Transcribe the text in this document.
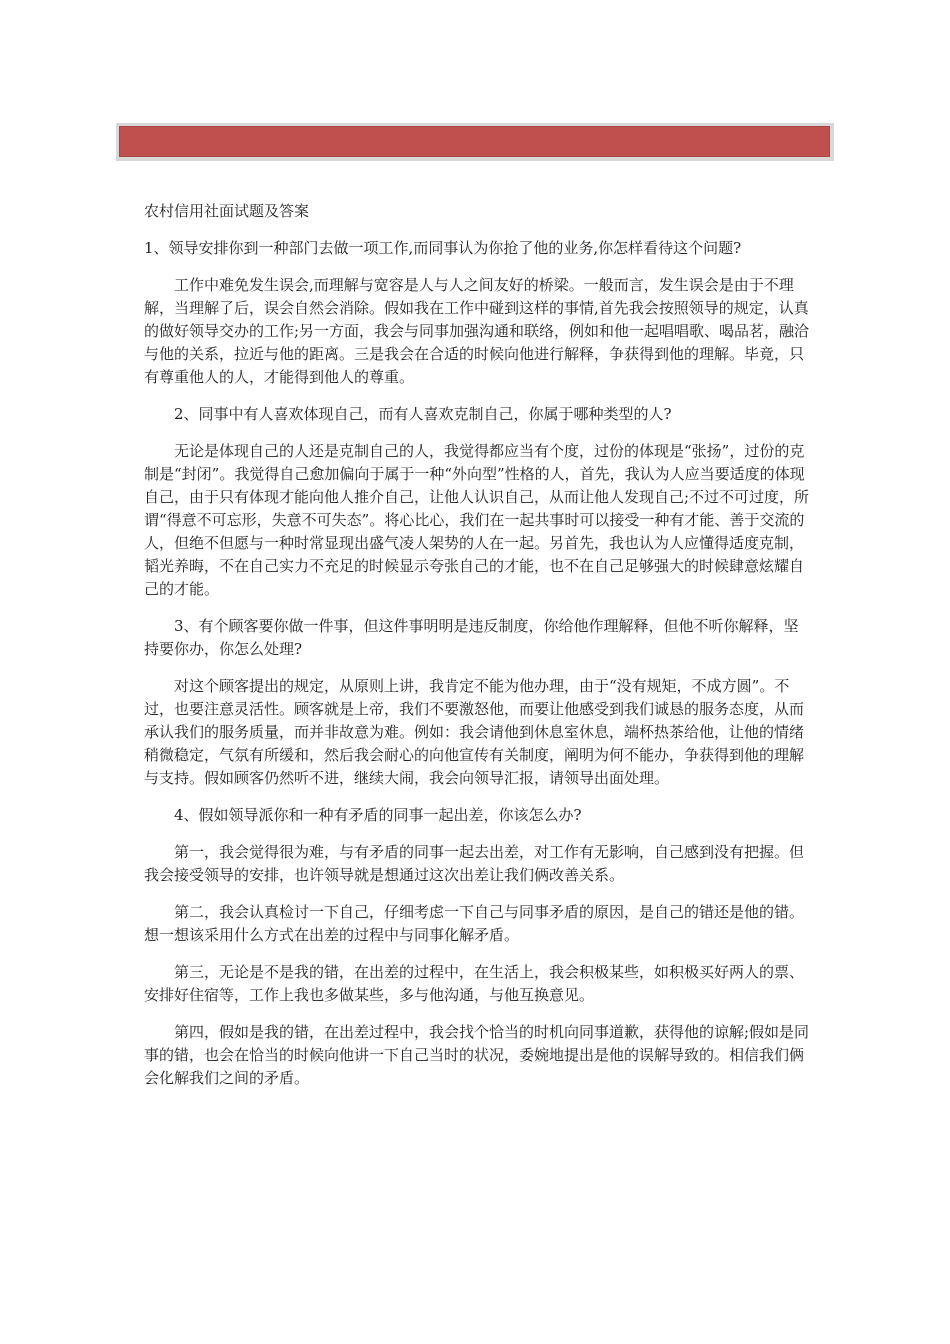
农村信用社面试题及答案

1、领导安排你到一种部门去做一项工作,而同事认为你抢了他的业务,你怎样看待这个问题?

工作中难免发生误会,而理解与宽容是人与人之间友好的桥梁。一般而言，发生误会是由于不理解，当理解了后，误会自然会消除。假如我在工作中碰到这样的事情,首先我会按照领导的规定，认真的做好领导交办的工作;另一方面，我会与同事加强沟通和联络，例如和他一起唱唱歌、喝品茗，融洽与他的关系，拉近与他的距离。三是我会在合适的时候向他进行解释，争获得到他的理解。毕竟，只有尊重他人的人，才能得到他人的尊重。

2、同事中有人喜欢体现自己，而有人喜欢克制自己，你属于哪种类型的人?

无论是体现自己的人还是克制自己的人，我觉得都应当有个度，过份的体现是“张扬”，过份的克制是“封闭”。我觉得自己愈加偏向于属于一种“外向型”性格的人，首先，我认为人应当要适度的体现自己，由于只有体现才能向他人推介自己，让他人认识自己，从而让他人发现自己;不过不可过度，所谓“得意不可忘形，失意不可失态”。将心比心，我们在一起共事时可以接受一种有才能、善于交流的人，但绝不但愿与一种时常显现出盛气凌人架势的人在一起。另首先，我也认为人应懂得适度克制，韬光养晦，不在自己实力不充足的时候显示夸张自己的才能，也不在自己足够强大的时候肆意炫耀自己的才能。

3、有个顾客要你做一件事，但这件事明明是违反制度，你给他作理解释，但他不听你解释，坚持要你办，你怎么处理?

对这个顾客提出的规定，从原则上讲，我肯定不能为他办理，由于“没有规矩，不成方圆”。不过，也要注意灵活性。顾客就是上帝，我们不要激怒他，而要让他感受到我们诚恳的服务态度，从而承认我们的服务质量，而并非故意为难。例如：我会请他到休息室休息，端杯热茶给他，让他的情绪稍微稳定，气氛有所缓和，然后我会耐心的向他宣传有关制度，阐明为何不能办，争获得到他的理解与支持。假如顾客仍然听不进，继续大闹，我会向领导汇报，请领导出面处理。

4、假如领导派你和一种有矛盾的同事一起出差，你该怎么办?

第一，我会觉得很为难，与有矛盾的同事一起去出差，对工作有无影响，自己感到没有把握。但我会接受领导的安排，也许领导就是想通过这次出差让我们俩改善关系。

第二，我会认真检讨一下自己，仔细考虑一下自己与同事矛盾的原因，是自己的错还是他的错。想一想该采用什么方式在出差的过程中与同事化解矛盾。

第三，无论是不是我的错，在出差的过程中，在生活上，我会积极某些，如积极买好两人的票、安排好住宿等，工作上我也多做某些，多与他沟通，与他互换意见。

第四，假如是我的错，在出差过程中，我会找个恰当的时机向同事道歉，获得他的谅解;假如是同事的错，也会在恰当的时候向他讲一下自己当时的状况，委婉地提出是他的误解导致的。相信我们俩会化解我们之间的矛盾。
